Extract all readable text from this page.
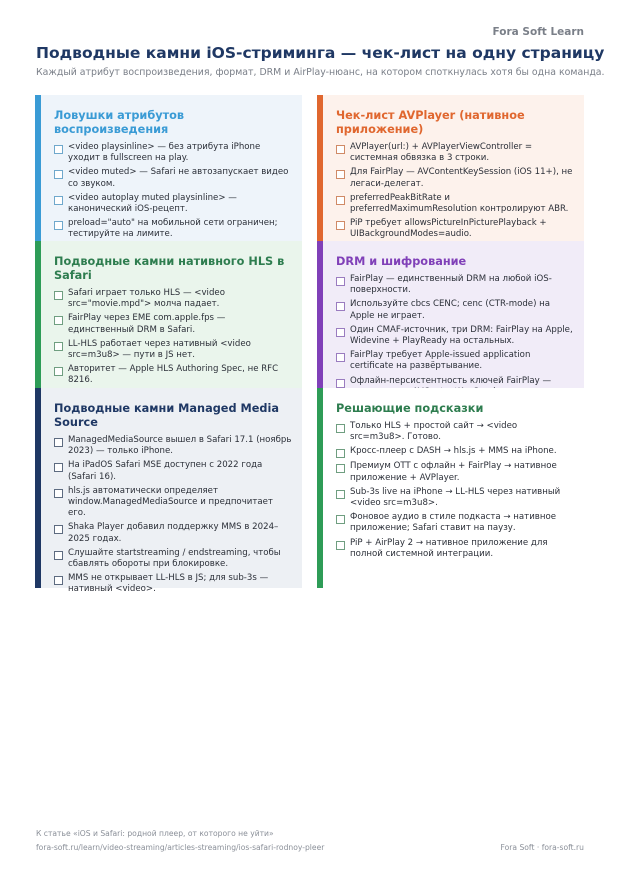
Fora Soft Learn
Подводные камни iOS-стриминга — чек-лист на одну страницу
Каждый атрибут воспроизведения, формат, DRM и AirPlay-нюанс, на котором споткнулась хотя бы одна команда.
Ловушки атрибутов воспроизведения
<video playsinline> — без атрибута iPhone уходит в fullscreen на play.
<video muted> — Safari не автозапускает видео со звуком.
<video autoplay muted playsinline> — канонический iOS-рецепт.
preload="auto" на мобильной сети ограничен; тестируйте на лимите.
Чек-лист AVPlayer (нативное приложение)
AVPlayer(url:) + AVPlayerViewController = системная обвязка в 3 строки.
Для FairPlay — AVContentKeySession (iOS 11+), не легаси-делегат.
preferredPeakBitRate и preferredMaximumResolution контролируют ABR.
PiP требует allowsPictureInPicturePlayback + UIBackgroundModes=audio.
Подводные камни нативного HLS в Safari
Safari играет только HLS — <video src="movie.mpd"> молча падает.
FairPlay через EME com.apple.fps — единственный DRM в Safari.
LL-HLS работает через нативный <video src=m3u8> — пути в JS нет.
Авторитет — Apple HLS Authoring Spec, не RFC 8216.
DRM и шифрование
FairPlay — единственный DRM на любой iOS-поверхности.
Используйте cbcs CENC; cenc (CTR-mode) на Apple не играет.
Один CMAF-источник, три DRM: FairPlay на Apple, Widevine + PlayReady на остальных.
FairPlay требует Apple-issued application certificate на развёртывание.
Офлайн-персистентность ключей FairPlay —
Подводные камни Managed Media Source
ManagedMediaSource вышел в Safari 17.1 (ноябрь 2023) — только iPhone.
На iPadOS Safari MSE доступен с 2022 года (Safari 16).
hls.js автоматически определяет window.ManagedMediaSource и предпочитает его.
Shaka Player добавил поддержку MMS в 2024–2025 годах.
Слушайте startstreaming / endstreaming, чтобы сбавлять обороты при блокировке.
MMS не открывает LL-HLS в JS; для sub-3s — нативный <video>.
Решающие подсказки
Только HLS + простой сайт → <video src=m3u8>. Готово.
Кросс-плеер с DASH → hls.js + MMS на iPhone.
Премиум OTT с офлайн + FairPlay → нативное приложение + AVPlayer.
Sub-3s live на iPhone → LL-HLS через нативный <video src=m3u8>.
Фоновое аудио в стиле подкаста → нативное приложение; Safari ставит на паузу.
PiP + AirPlay 2 → нативное приложение для полной системной интеграции.
К статье «iOS и Safari: родной плеер, от которого не уйти»
fora-soft.ru/learn/video-streaming/articles-streaming/ios-safari-rodnoy-pleer	Fora Soft · fora-soft.ru
